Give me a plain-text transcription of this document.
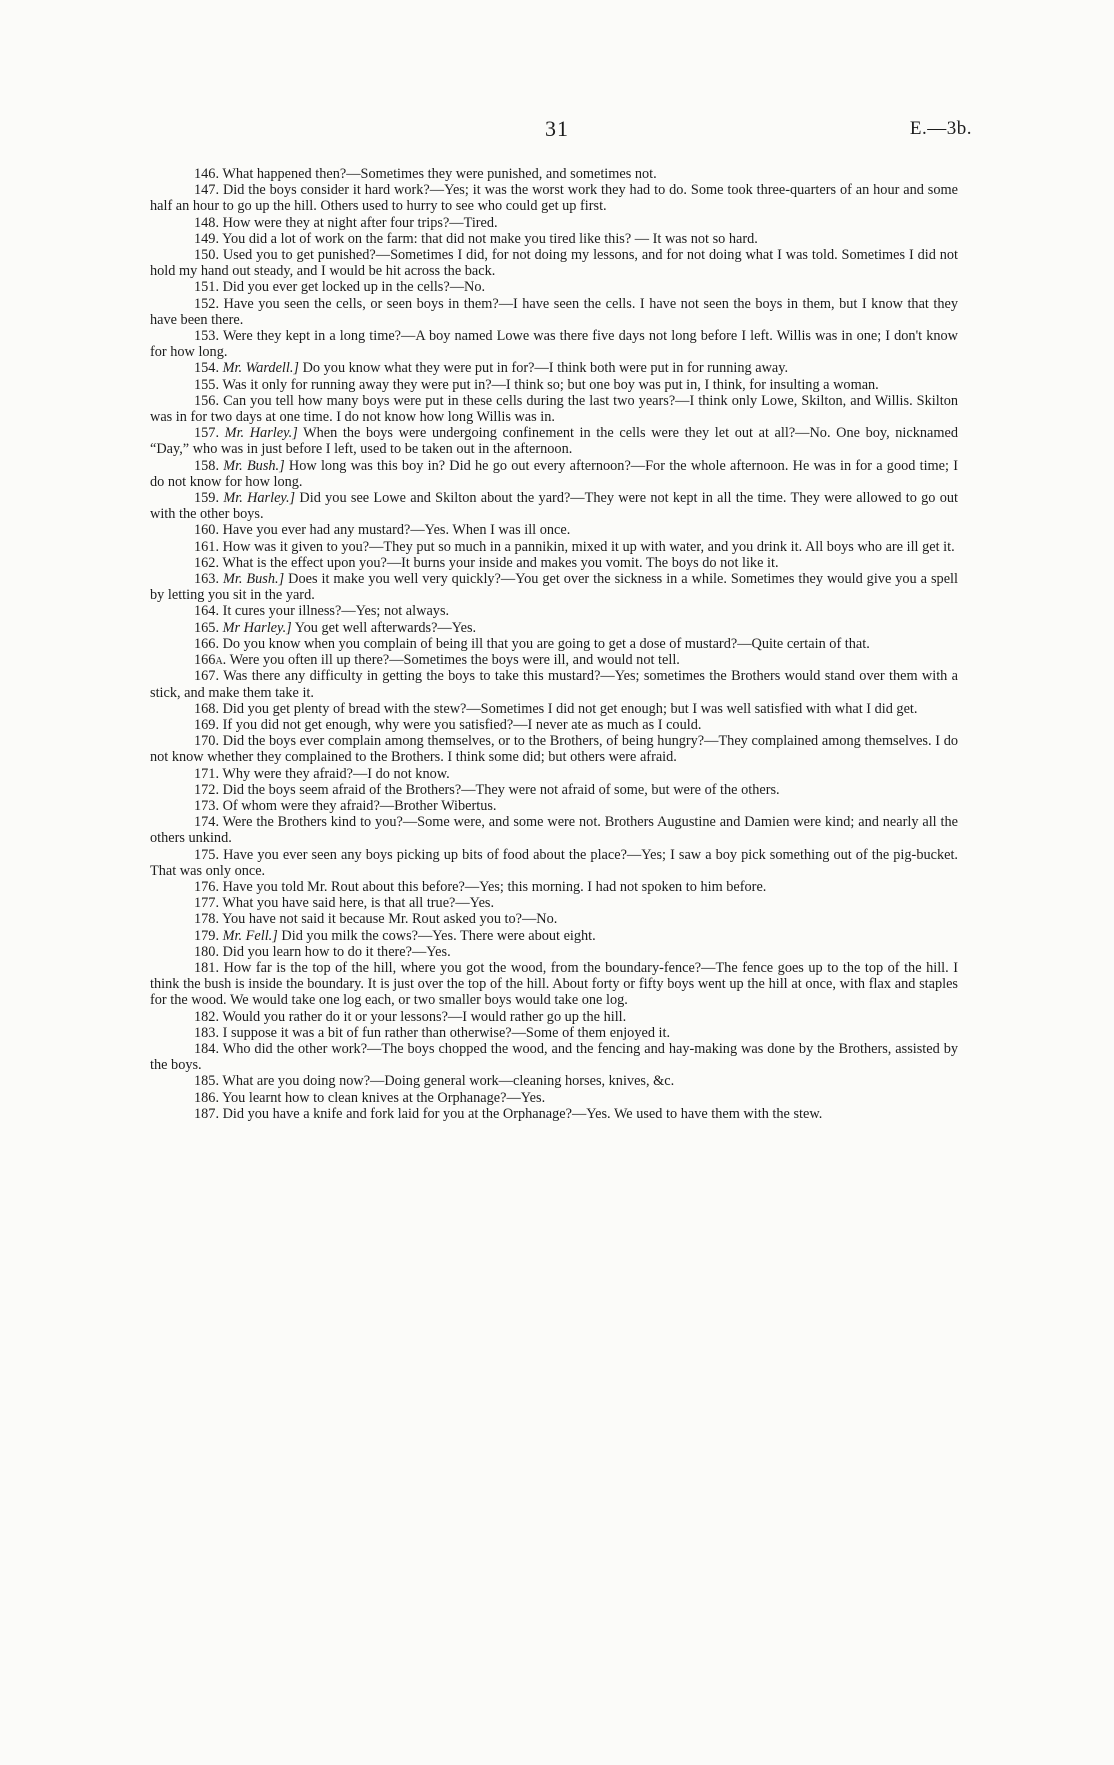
31	E.—3b.

146. What happened then?—Sometimes they were punished, and sometimes not.

147. Did the boys consider it hard work?—Yes; it was the worst work they had to do. Some took three-quarters of an hour and some half an hour to go up the hill. Others used to hurry to see who could get up first.

148. How were they at night after four trips?—Tired.

149. You did a lot of work on the farm: that did not make you tired like this? — It was not so hard.

150. Used you to get punished?—Sometimes I did, for not doing my lessons, and for not doing what I was told. Sometimes I did not hold my hand out steady, and I would be hit across the back.

151. Did you ever get locked up in the cells?—No.

152. Have you seen the cells, or seen boys in them?—I have seen the cells. I have not seen the boys in them, but I know that they have been there.

153. Were they kept in a long time?—A boy named Lowe was there five days not long before I left. Willis was in one; I don't know for how long.

154. Mr. Wardell.] Do you know what they were put in for?—I think both were put in for running away.

155. Was it only for running away they were put in?—I think so; but one boy was put in, I think, for insulting a woman.

156. Can you tell how many boys were put in these cells during the last two years?—I think only Lowe, Skilton, and Willis. Skilton was in for two days at one time. I do not know how long Willis was in.

157. Mr. Harley.] When the boys were undergoing confinement in the cells were they let out at all?—No. One boy, nicknamed “Day,” who was in just before I left, used to be taken out in the afternoon.

158. Mr. Bush.] How long was this boy in? Did he go out every afternoon?—For the whole afternoon. He was in for a good time; I do not know for how long.

159. Mr. Harley.] Did you see Lowe and Skilton about the yard?—They were not kept in all the time. They were allowed to go out with the other boys.

160. Have you ever had any mustard?—Yes. When I was ill once.

161. How was it given to you?—They put so much in a pannikin, mixed it up with water, and you drink it. All boys who are ill get it.

162. What is the effect upon you?—It burns your inside and makes you vomit. The boys do not like it.

163. Mr. Bush.] Does it make you well very quickly?—You get over the sickness in a while. Sometimes they would give you a spell by letting you sit in the yard.

164. It cures your illness?—Yes; not always.

165. Mr Harley.] You get well afterwards?—Yes.

166. Do you know when you complain of being ill that you are going to get a dose of mustard?—Quite certain of that.

166a. Were you often ill up there?—Sometimes the boys were ill, and would not tell.

167. Was there any difficulty in getting the boys to take this mustard?—Yes; sometimes the Brothers would stand over them with a stick, and make them take it.

168. Did you get plenty of bread with the stew?—Sometimes I did not get enough; but I was well satisfied with what I did get.

169. If you did not get enough, why were you satisfied?—I never ate as much as I could.

170. Did the boys ever complain among themselves, or to the Brothers, of being hungry?—They complained among themselves. I do not know whether they complained to the Brothers. I think some did; but others were afraid.

171. Why were they afraid?—I do not know.

172. Did the boys seem afraid of the Brothers?—They were not afraid of some, but were of the others.

173. Of whom were they afraid?—Brother Wibertus.

174. Were the Brothers kind to you?—Some were, and some were not. Brothers Augustine and Damien were kind; and nearly all the others unkind.

175. Have you ever seen any boys picking up bits of food about the place?—Yes; I saw a boy pick something out of the pig-bucket. That was only once.

176. Have you told Mr. Rout about this before?—Yes; this morning. I had not spoken to him before.

177. What you have said here, is that all true?—Yes.

178. You have not said it because Mr. Rout asked you to?—No.

179. Mr. Fell.] Did you milk the cows?—Yes. There were about eight.

180. Did you learn how to do it there?—Yes.

181. How far is the top of the hill, where you got the wood, from the boundary-fence?—The fence goes up to the top of the hill. I think the bush is inside the boundary. It is just over the top of the hill. About forty or fifty boys went up the hill at once, with flax and staples for the wood. We would take one log each, or two smaller boys would take one log.

182. Would you rather do it or your lessons?—I would rather go up the hill.

183. I suppose it was a bit of fun rather than otherwise?—Some of them enjoyed it.

184. Who did the other work?—The boys chopped the wood, and the fencing and hay-making was done by the Brothers, assisted by the boys.

185. What are you doing now?—Doing general work—cleaning horses, knives, &c.

186. You learnt how to clean knives at the Orphanage?—Yes.

187. Did you have a knife and fork laid for you at the Orphanage?—Yes. We used to have them with the stew.
